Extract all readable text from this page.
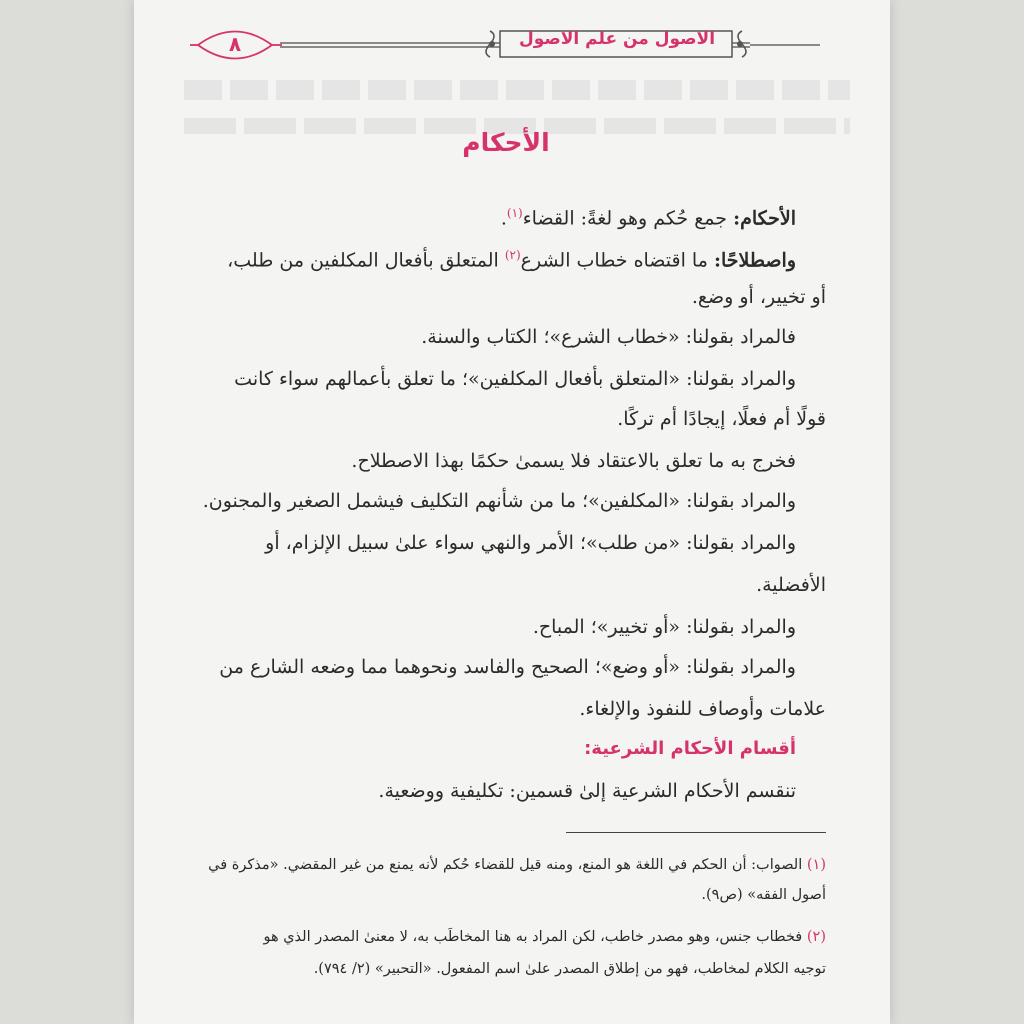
الاصول من علم الاصول
٨
الأحكام
الأحكام: جمع حُكم وهو لغةً: القضاء$^{(١)}$.
واصطلاحًا: ما اقتضاه خطاب الشرع$^{(٢)}$ المتعلق بأفعال المكلفين من طلب،
أو تخيير، أو وضع.
فالمراد بقولنا: «خطاب الشرع»؛ الكتاب والسنة.
والمراد بقولنا: «المتعلق بأفعال المكلفين»؛ ما تعلق بأعمالهم سواء كانت
قولًا أم فعلًا، إيجادًا أم تركًا.
فخرج به ما تعلق بالاعتقاد فلا يسمىٰ حكمًا بهذا الاصطلاح.
والمراد بقولنا: «المكلفين»؛ ما من شأنهم التكليف فيشمل الصغير والمجنون.
والمراد بقولنا: «من طلب»؛ الأمر والنهي سواء علىٰ سبيل الإلزام، أو
الأفضلية.
والمراد بقولنا: «أو تخيير»؛ المباح.
والمراد بقولنا: «أو وضع»؛ الصحيح والفاسد ونحوهما مما وضعه الشارع من
علامات وأوصاف للنفوذ والإلغاء.
أقسام الأحكام الشرعية:
تنقسم الأحكام الشرعية إلىٰ قسمين: تكليفية ووضعية.
(١) الصواب: أن الحكم في اللغة هو المنع، ومنه قيل للقضاء حُكم لأنه يمنع من غير المقضي. «مذكرة في
أصول الفقه» (ص٩).
(٢) فخطاب جنس، وهو مصدر خاطب، لكن المراد به هنا المخاطَب به، لا معنىٰ المصدر الذي هو
توجيه الكلام لمخاطب، فهو من إطلاق المصدر علىٰ اسم المفعول. «التحبير» (٢/ ٧٩٤).
